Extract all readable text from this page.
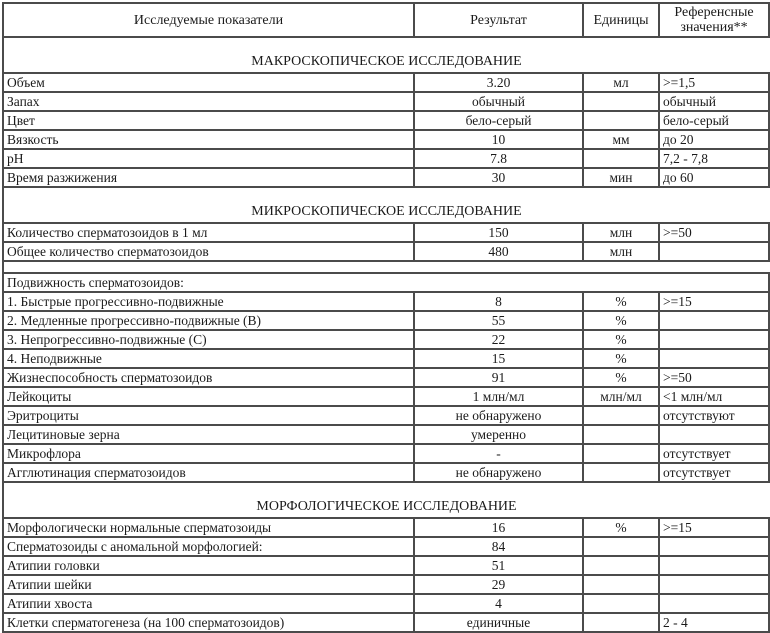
Исследуемые показатели	Результат	Единицы	Референсные значения**
МАКРОСКОПИЧЕСКОЕ ИССЛЕДОВАНИЕ			
Объем	3.20	мл	>=1,5
Запах	обычный		обычный
Цвет	бело-серый		бело-серый
Вязкость	10	мм	до 20
pH	7.8		7,2 - 7,8
Время разжижения	30	мин	до 60
МИКРОСКОПИЧЕСКОЕ ИССЛЕДОВАНИЕ			
Количество сперматозоидов в 1 мл	150	млн	>=50
Общее количество сперматозоидов	480	млн	

Подвижность сперматозоидов:			
1. Быстрые прогрессивно-подвижные	8	%	>=15
2. Медленные прогрессивно-подвижные (В)	55	%	
3. Непрогрессивно-подвижные (С)	22	%	
4. Неподвижные	15	%	
Жизнеспособность сперматозоидов	91	%	>=50
Лейкоциты	1 млн/мл	млн/мл	<1 млн/мл
Эритроциты	не обнаружено		отсутствуют
Лецитиновые зерна	умеренно		
Микрофлора	-		отсутствует
Агглютинация сперматозоидов	не обнаружено		отсутствует
МОРФОЛОГИЧЕСКОЕ ИССЛЕДОВАНИЕ			
Морфологически нормальные сперматозоиды	16	%	>=15
Сперматозоиды с аномальной морфологией:	84		
Атипии головки	51		
Атипии шейки	29		
Атипии хвоста	4		
Клетки сперматогенеза (на 100 сперматозоидов)	единичные		2 - 4
